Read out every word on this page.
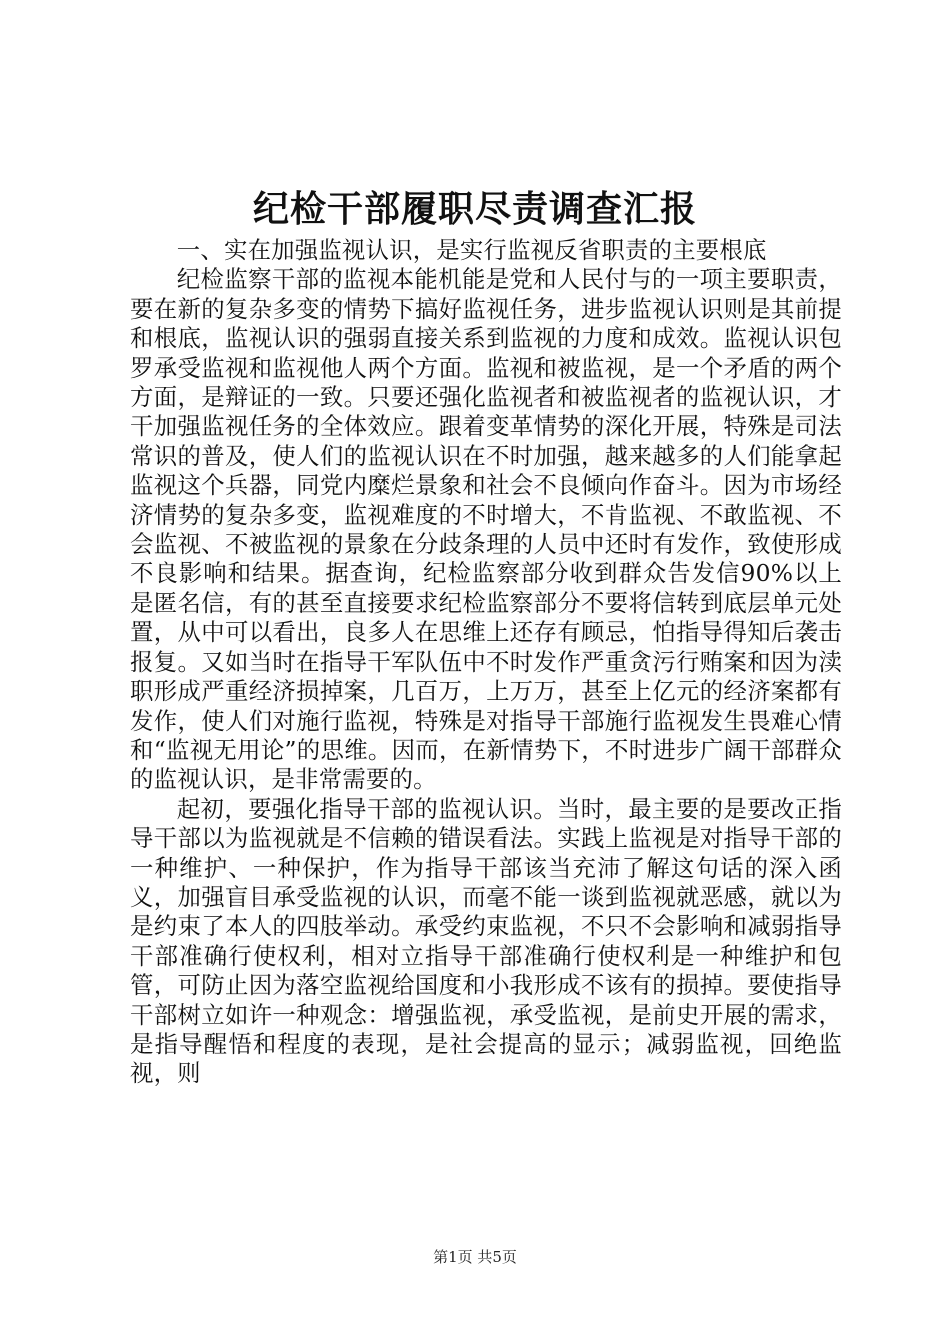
纪检干部履职尽责调查汇报

一、实在加强监视认识，是实行监视反省职责的主要根底

纪检监察干部的监视本能机能是党和人民付与的一项主要职责，要在新的复杂多变的情势下搞好监视任务，进步监视认识则是其前提和根底，监视认识的强弱直接关系到监视的力度和成效。监视认识包罗承受监视和监视他人两个方面。监视和被监视，是一个矛盾的两个方面，是辩证的一致。只要还强化监视者和被监视者的监视认识，才干加强监视任务的全体效应。跟着变革情势的深化开展，特殊是司法常识的普及，使人们的监视认识在不时加强，越来越多的人们能拿起监视这个兵器，同党内糜烂景象和社会不良倾向作奋斗。因为市场经济情势的复杂多变，监视难度的不时增大，不肯监视、不敢监视、不会监视、不被监视的景象在分歧条理的人员中还时有发作，致使形成不良影响和结果。据查询，纪检监察部分收到群众告发信90%以上是匿名信，有的甚至直接要求纪检监察部分不要将信转到底层单元处置，从中可以看出，良多人在思维上还存有顾忌，怕指导得知后袭击报复。又如当时在指导干军队伍中不时发作严重贪污行贿案和因为渎职形成严重经济损掉案，几百万，上万万，甚至上亿元的经济案都有发作，使人们对施行监视，特殊是对指导干部施行监视发生畏难心情和“监视无用论”的思维。因而，在新情势下，不时进步广阔干部群众的监视认识，是非常需要的。

起初，要强化指导干部的监视认识。当时，最主要的是要改正指导干部以为监视就是不信赖的错误看法。实践上监视是对指导干部的一种维护、一种保护，作为指导干部该当充沛了解这句话的深入函义，加强盲目承受监视的认识，而毫不能一谈到监视就恶感，就以为是约束了本人的四肢举动。承受约束监视，不只不会影响和减弱指导干部准确行使权利，相对立指导干部准确行使权利是一种维护和包管，可防止因为落空监视给国度和小我形成不该有的损掉。要使指导干部树立如许一种观念：增强监视，承受监视，是前史开展的需求，是指导醒悟和程度的表现，是社会提高的显示；减弱监视，回绝监视，则

第1页 共5页
